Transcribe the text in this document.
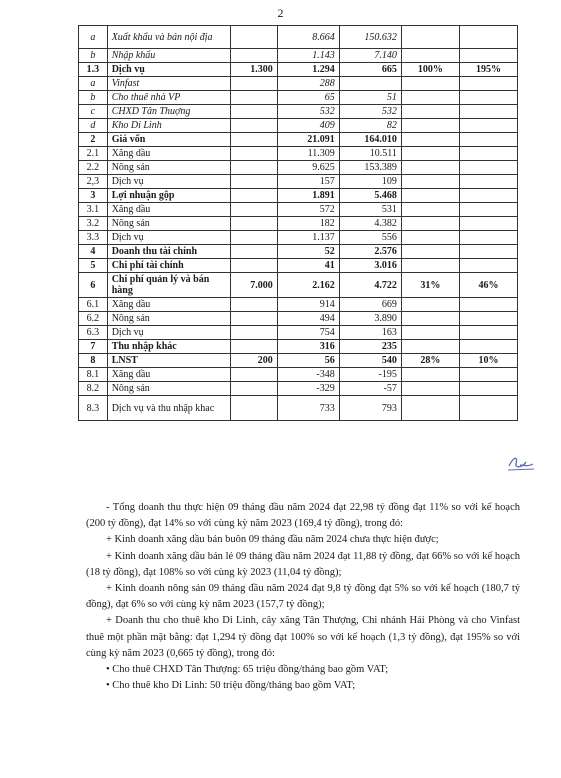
2
a	Xuất khẩu và bán nội địa		8.664	150.632		
b	Nhập khẩu		1.143	7.140		
1.3	Dịch vụ	1.300	1.294	665	100%	195%
a	Vinfast		288			
b	Cho thuê nhà VP		65	51		
c	CHXD Tân Thuợng		532	532		
d	Kho Di Linh		409	82		
2	Giá vốn		21.091	164.010		
2.1	Xăng dầu		11.309	10.511		
2.2	Nông sản		9.625	153.389		
2,3	Dịch vụ		157	109		
3	Lợi nhuận gộp		1.891	5.468		
3.1	Xăng dầu		572	531		
3.2	Nông sản		182	4.382		
3.3	Dịch vụ		1.137	556		
4	Doanh thu tài chính		52	2.576		
5	Chi phí tài chính		41	3.016		
6	Chi phí quản lý và bán hàng	7.000	2.162	4.722	31%	46%
6.1	Xăng dầu		914	669		
6.2	Nông sản		494	3.890		
6.3	Dịch vụ		754	163		
7	Thu nhập khác		316	235		
8	LNST	200	56	540	28%	10%
8.1	Xăng dầu		-348	-195		
8.2	Nông sản		-329	-57		
8.3	Dịch vụ và thu nhập khac		733	793		

- Tổng doanh thu thực hiện 09 tháng đầu năm 2024 đạt 22,98 tỷ đồng đạt 11% so với kế hoạch (200 tỷ đồng), đạt 14% so với cùng kỳ năm 2023 (169,4 tỷ đồng), trong đó:

+ Kinh doanh xăng dầu bán buôn 09 tháng đầu năm 2024 chưa thực hiện được;

+ Kinh doanh xăng dầu bán lẻ 09 tháng đầu năm 2024 đạt 11,88 tỷ đồng, đạt 66% so với kế hoạch (18 tỷ đồng), đạt 108% so với cùng kỳ 2023 (11,04 tỷ đồng);

+ Kinh doanh nông sản 09 tháng đầu năm 2024 đạt 9,8 tỷ đồng đạt 5% so với kế hoạch (180,7 tỷ đồng), đạt 6% so với cùng kỳ năm 2023 (157,7 tỷ đồng);

+ Doanh thu cho thuê kho Di Linh, cây xăng Tân Thượng, Chi nhánh Hải Phòng và cho Vinfast thuê một phần mặt bằng: đạt 1,294 tỷ đồng đạt 100% so với kế hoạch (1,3 tỷ đồng), đạt 195% so với cùng kỳ năm 2023 (0,665 tỷ đồng), trong đó:

• Cho thuê CHXD Tân Thượng: 65 triệu đồng/tháng bao gồm VAT;

• Cho thuê kho Di Linh: 50 triệu đồng/tháng bao gồm VAT;
